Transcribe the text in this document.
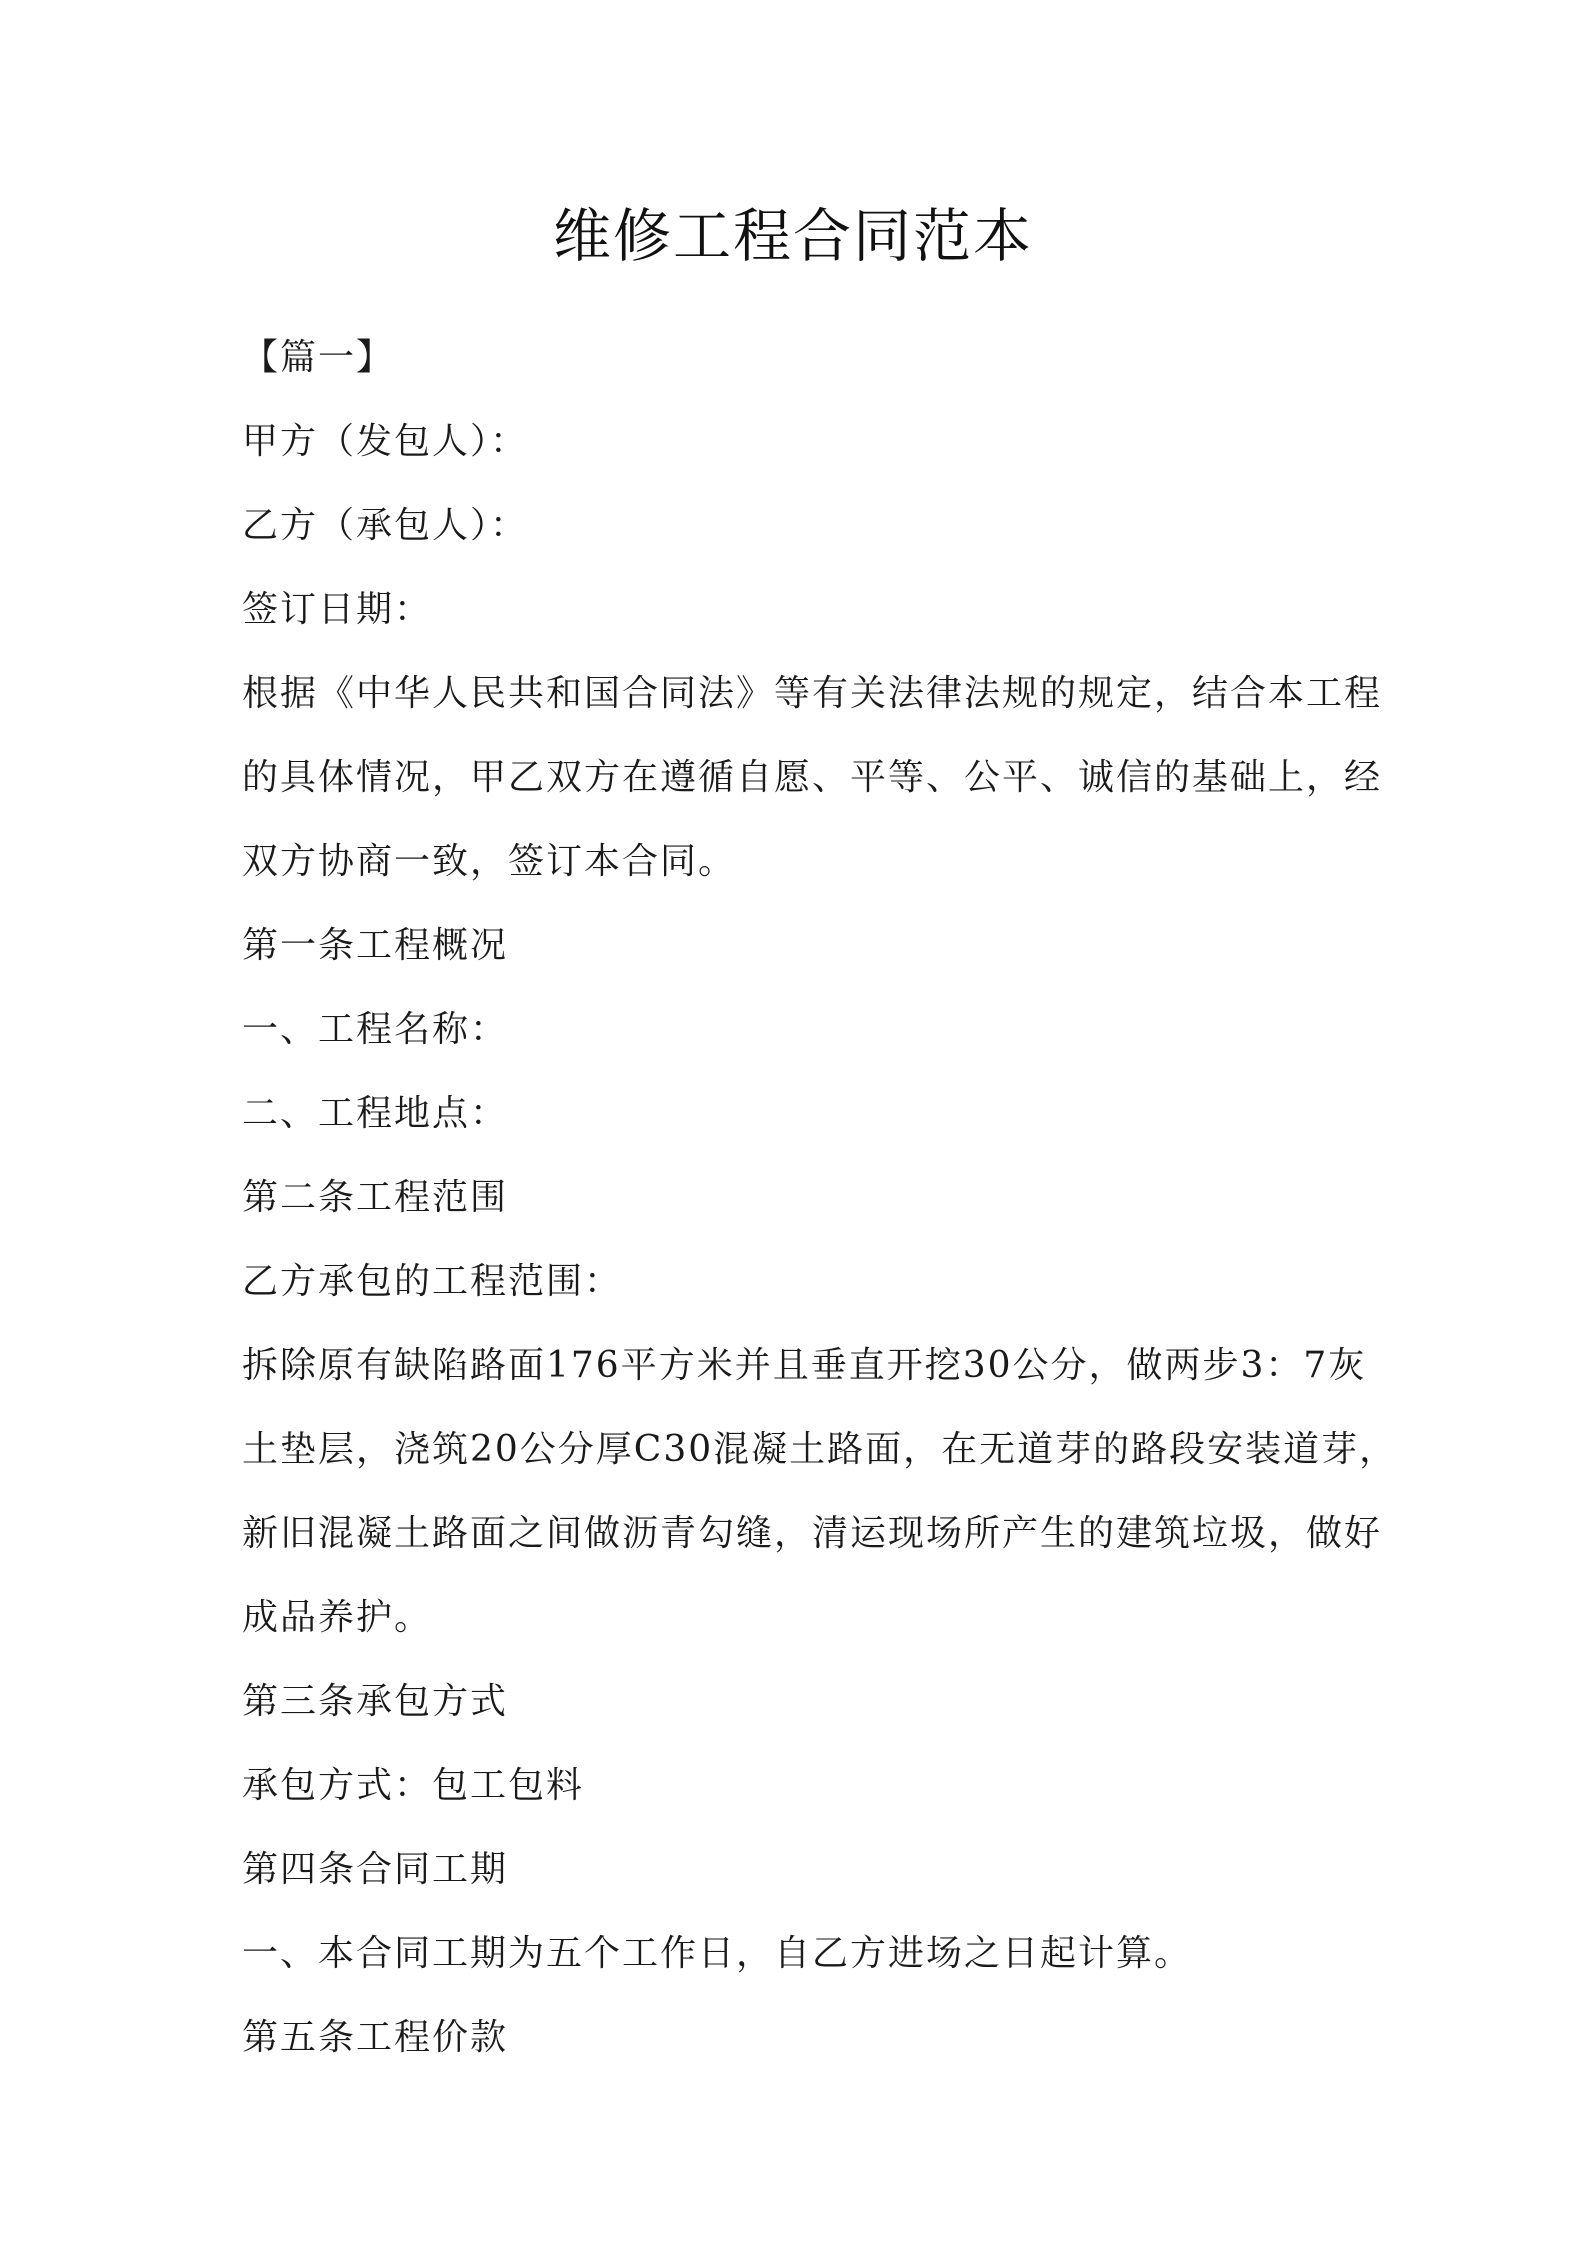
维修工程合同范本
【篇一】
甲方（发包人）：
乙方（承包人）：
签订日期：
根据《中华人民共和国合同法》等有关法律法规的规定，结合本工程
的具体情况，甲乙双方在遵循自愿、平等、公平、诚信的基础上，经
双方协商一致，签订本合同。
第一条工程概况
一、工程名称：
二、工程地点：
第二条工程范围
乙方承包的工程范围：
拆除原有缺陷路面176平方米并且垂直开挖30公分，做两步3：7灰
土垫层，浇筑20公分厚C30混凝土路面，在无道芽的路段安装道芽，
新旧混凝土路面之间做沥青勾缝，清运现场所产生的建筑垃圾，做好
成品养护。
第三条承包方式
承包方式：包工包料
第四条合同工期
一、本合同工期为五个工作日，自乙方进场之日起计算。
第五条工程价款
